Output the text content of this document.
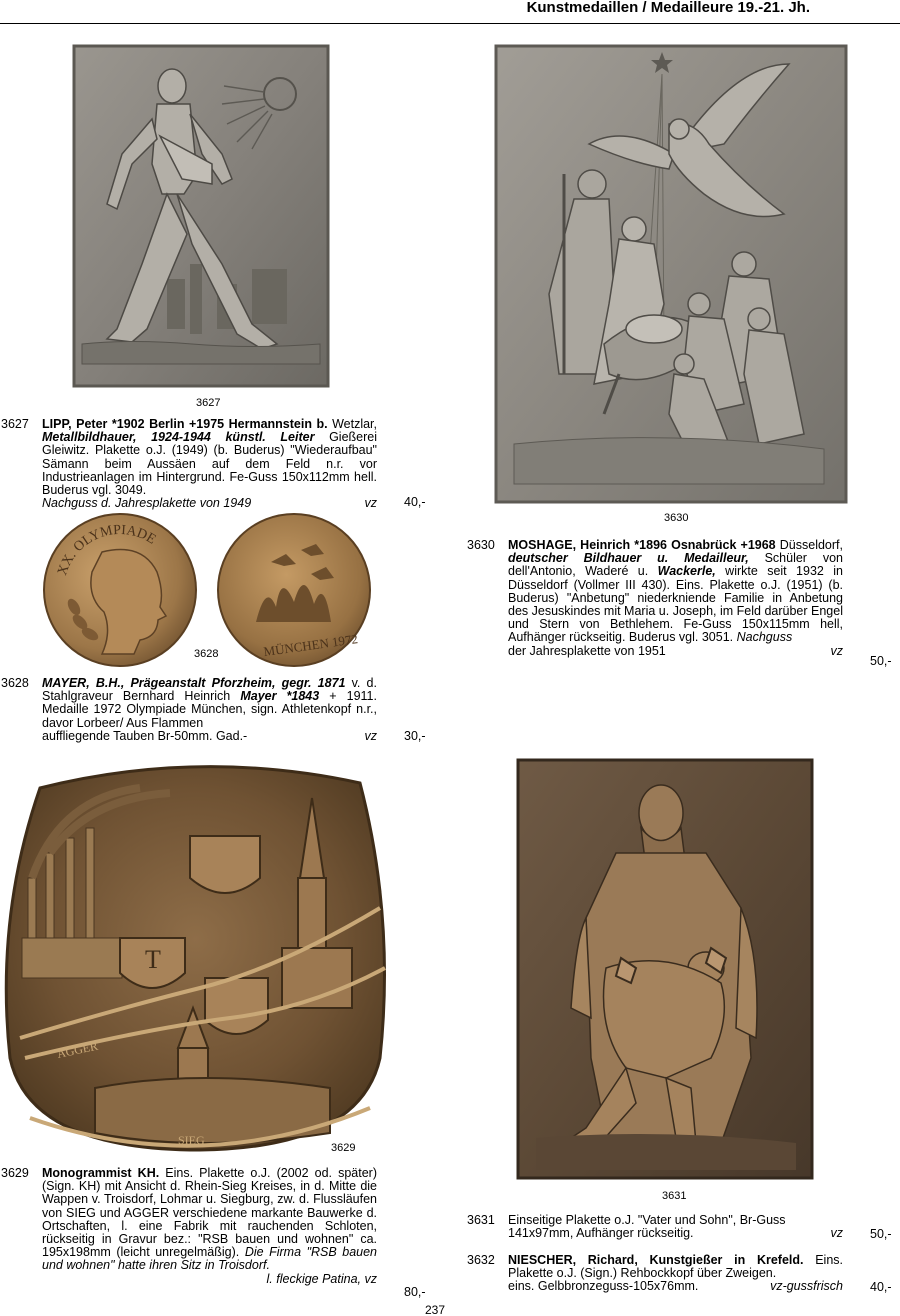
Kunstmedaillen / Medailleure 19.-21. Jh.
3627
3627 LIPP, Peter *1902 Berlin +1975 Hermannstein b. Wetzlar, Metallbildhauer, 1924-1944 künstl. Leiter Gießerei Gleiwitz. Plakette o.J. (1949) (b. Buderus) "Wiederaufbau" Sämann beim Aussäen auf dem Feld n.r. vor Industrieanlagen im Hintergrund. Fe-Guss 150x112mm hell. Buderus vgl. 3049.
Nachguss d. Jahresplakette von 1949	vz 40,-
XX. OLYMPIADE
MÜNCHEN 1972
3628
3628 MAYER, B.H., Prägeanstalt Pforzheim, gegr. 1871 v. d. Stahlgraveur Bernhard Heinrich Mayer *1843 + 1911. Medaille 1972 Olympiade München, sign. Athletenkopf n.r., davor Lorbeer/ Aus Flammen
auffliegende Tauben Br-50mm. Gad.-	vz 30,-
T
AGGER
SIEG
3629
3629 Monogrammist KH. Eins. Plakette o.J. (2002 od. später) (Sign. KH) mit Ansicht d. Rhein-Sieg Kreises, in d. Mitte die Wappen v. Troisdorf, Lohmar u. Siegburg, zw. d. Flussläufen von SIEG und AGGER verschiedene markante Bauwerke d. Ortschaften, l. eine Fabrik mit rauchenden Schloten, rückseitig in Gravur bez.: "RSB bauen und wohnen" ca. 195x198mm (leicht unregelmäßig). Die Firma "RSB bauen und wohnen" hatte ihren Sitz in Troisdorf.
l. fleckige Patina,
vz
80,-
3630
3630 MOSHAGE, Heinrich *1896 Osnabrück +1968 Düsseldorf, deutscher Bildhauer u. Medailleur, Schüler von dell'Antonio, Waderé u. Wackerle, wirkte seit 1932 in Düsseldorf (Vollmer III 430). Eins. Plakette o.J. (1951) (b. Buderus) "Anbetung" niederkniende Familie in Anbetung des Jesuskindes mit Maria u. Joseph, im Feld darüber Engel und Stern von Bethlehem. Fe-Guss 150x115mm hell, Aufhänger rückseitig. Buderus vgl. 3051. Nachguss
der Jahresplakette von 1951	vz
50,-
3631
3631 Einseitige Plakette o.J. "Vater und Sohn", Br-Guss
141x97mm, Aufhänger rückseitig.	vz 50,-
3632 NIESCHER, Richard, Kunstgießer in Krefeld. Eins. Plakette o.J. (Sign.) Rehbockkopf über Zweigen.
eins. Gelbbronzeguss-105x76mm.	vz-gussfrisch 40,-
237
